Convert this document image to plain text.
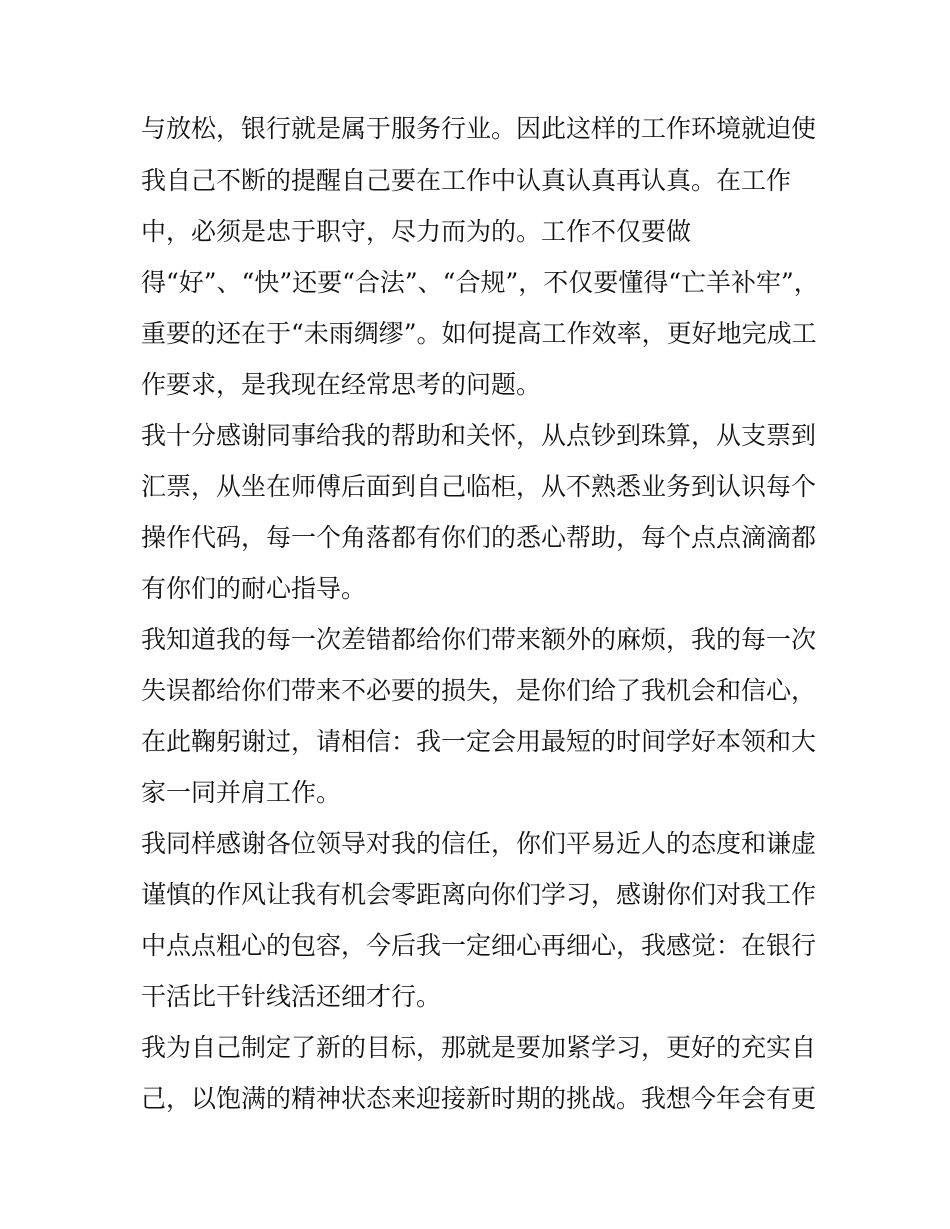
与放松，银行就是属于服务行业。因此这样的工作环境就迫使
我自己不断的提醒自己要在工作中认真认真再认真。在工作
中，必须是忠于职守，尽力而为的。工作不仅要做
得“好”、“快”还要“合法”、“合规”，不仅要懂得“亡羊补牢”，
重要的还在于“未雨绸缪”。如何提高工作效率，更好地完成工
作要求，是我现在经常思考的问题。
我十分感谢同事给我的帮助和关怀，从点钞到珠算，从支票到
汇票，从坐在师傅后面到自己临柜，从不熟悉业务到认识每个
操作代码，每一个角落都有你们的悉心帮助，每个点点滴滴都
有你们的耐心指导。
我知道我的每一次差错都给你们带来额外的麻烦，我的每一次
失误都给你们带来不必要的损失，是你们给了我机会和信心，
在此鞠躬谢过，请相信：我一定会用最短的时间学好本领和大
家一同并肩工作。
我同样感谢各位领导对我的信任，你们平易近人的态度和谦虚
谨慎的作风让我有机会零距离向你们学习，感谢你们对我工作
中点点粗心的包容，今后我一定细心再细心，我感觉：在银行
干活比干针线活还细才行。
我为自己制定了新的目标，那就是要加紧学习，更好的充实自
己，以饱满的精神状态来迎接新时期的挑战。我想今年会有更
